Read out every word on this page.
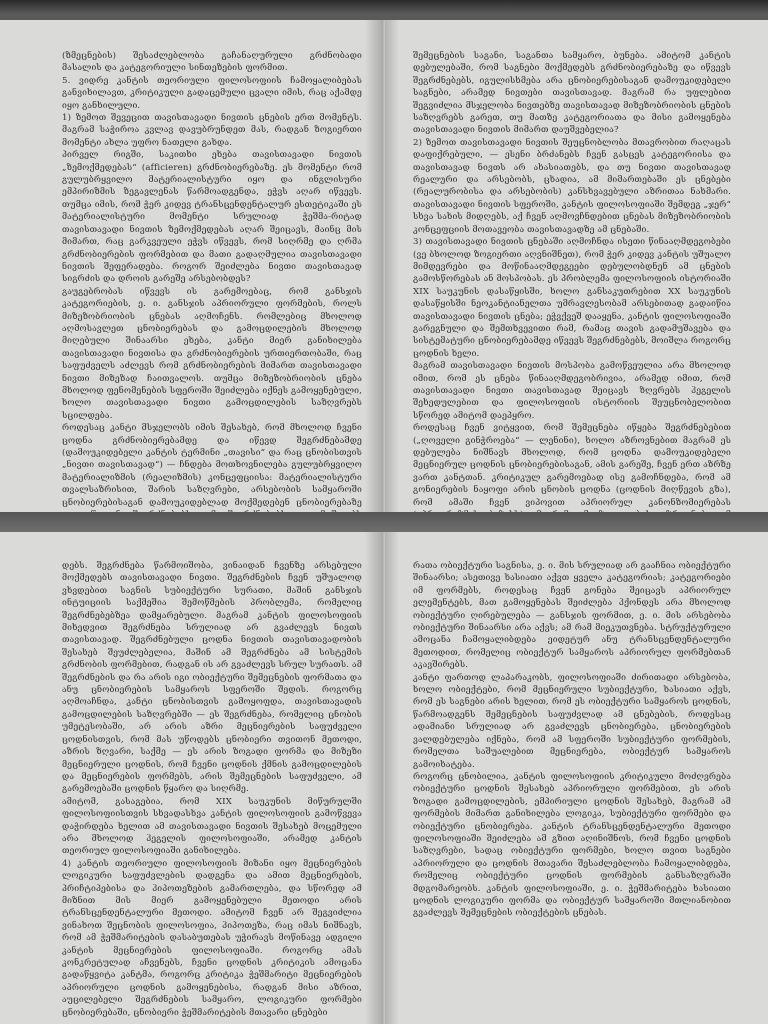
(ზმეცნების) შესაძლებლობა გაჩანაღურული გრძნობადი მასალის და კატეგორიული სინთეზების ფორმით.
5. ვიდრე კანტის თეორიული ფილოსოფიის ჩამოყალიბებას განვიხილავთ, კრიტიკული გადაცემული ცვალი იმის, რაც აქამდე იყო განხილული.
1) ზემოთ შევეცით თავისთავადი ნივთის ცნების ერთ მომენტს. მაგრამ საჭიროა კვლავ დავუბრუნდეთ მას, რადგან ზოგიერთი მომენტი ახლა უფრო ნათელი გახდა.
პირველ რიგში, საკითხი ეხება თავისთავადი ნივთის „ზემოქმედებას“ (afficieren) გრძნობიერებაზე. ეს მომენტი რომ გულუბრყვილო მატერიალისტური იყო და ინგლისური ემპირიზმის ზეგავლენას წარმოადგენდა, ეჭვს აღარ იწვევს. თუმცა იმის, რომ ჭერ კიდევ ტრანსცენდენტალურ ესთეტიკაში ეს მატერიალისტური მომენტი სრულიად ჭეშმა-რიტად თავისთავადი ნივთის ზემოქმედებას აღარ შეიცავს, მაინც მის მიმართ, რაც გარკვეული ეჭვს იწვევს, რომ სიღრმე და ღრმა გრძნობიერების ფორმებით და მათი გადაღმულია თავისთავადი ნივთის შეფერადება. როგორ შეიძლება ნივთი თავისთავად სიგრძის და დროის გარეშე არსებობდეს?
გაუგებრობას იწვევს ის გარემოებაც, რომ განსჯის კატეგორიების, ე. ი. განსჯის აპრიორული ფორმების, როლს მიზეზობრიობის ცნებას აღმოჩენს. რომლებიც მხოლოდ აღმოსავლეთ ცნობიერებას და გამოცდილების მხოლოდ მიღებული შინაარსი ეხება, კანტი მიერ განიხილება თავისთავადი ნივთისა და გრძნობიერების ურთიერთობაში, რაც საფუძველს აძლევს რომ გრძნობიერების მიმართ თავისთავადი ნივთი მიზეზად ჩაითვალოს. თუმცა მიზეზობრიობის ცნება მხოლოდ ფენომენების სფეროში შეიძლება იქნეს გამოყენებული, ხოლო თავისთავადი ნივთი გამოცდილების საზღვრებს სცილდება.
როდესაც კანტი მსჯელობს იმის შესახებ, რომ მხოლოდ ჩვენი ცოდნა გრძნობიერებამდე და იწევდ შეგრძნებამდე (დამოუკიდებელი კანტის ტერმინი „თავისი“ და რაც ცნობისთვის „ნივთი თავისთავად“) — ჩნდება მოთხოვნილება გულუბრყვილო მატერიალიზმის (რეალიზმის) კონცეფციისა: მატერიალისტური თვალსაზრისით, შარის საზღვრები, არსებობის სამყაროში ცნობიერებისაგან დამოუკიდებლად მოქმედებენ ცნობიერებაზე
შემეცნების საგანი, საგანთა სამყარო, ბუნება. ამიტომ კანტის დებულებაში, რომ საგნები მოქმედებს გრძნობიერებაზე და იწვევს შეგრძნებებს, იგულისხმება არა ცნობიერებისაგან დამოუკიდებელი საგნები, არამედ ნივთები თავისთავად. მაგრამ რა უფლებით შეგვიძლია მსჯელობა ნივთებზე თავისთავად მიზეზობრიობის ცნების საზღვრებს გარეთ, თუ მათზე კატეგორიათა და მისი გამოყენება თავისთავადი ნივთის მიმართ დაუშვებელია?
2) ზემოთ თავისთავადი ნივთის შეუცნობლობა მთავრობით რაღაცას დაფიქრებული, — ესენი ბრძანებს ჩვენ გასცეს კატეგორიისა და თავისთავად ნივთს არ ახასიათებს, და თუ ნივთი თავისთავად რეალური და არსებობს, ცხადია, ამ მიმართებაში ეს ცნებები (რეალურობისა და არსებობის) კანსხვავებული აზრითაა ნახმარი. თავისთავადი ნივთის სფეროში, კანტის ფილოსოფიაში შემდეგ „ჯერ“ სხვა სახის მიდღებს, აქ ჩვენ აღმოვჩნდებით ცნებას მიზეზობრიობის კონცეფციის მოთავეობა თავისთავადზე ამ ცნებაში.
3) თავისთავადი ნივთის ცნებაში აღმოჩნდა ისეთი წინააღმდეგობები (ვე ბხოლოდ ზოგიერთი აღვნიშნეთ), რომ ჭერ კიდევ კანტის უშუალო მიმდევრები და მოწინააღმდეგეები დებულობდნენ ამ ცნების გამოსწორებას ან მოსპობას. ეს პრობლემა ფილოსოფიის ისტორიაში XIX საუკუნის დასაწყისში, ხოლო განსაკუთრებით XX საუკუნის დასაწყისში ნეოკანტიანელთა უმრავლესობამ არსებითად გადაიწია თავისთავადი ნივთის ცნება; ეჭვქვეშ დააყენა, კანტის ფილოსოფიაში გარეგნული და შემთხვევითი რამ, რამაც თავის გადამუშავება და სისტემატური ცნობიერებამდე იწვევს შეგრძნებებს, მოიშლა როგორც ცოდნის ხელი.
მაგრამ თავისთავადი ნივთის მოსპობა გამოწვეულია არა მხოლოდ იმით, რომ ეს ცნება წინააღმდეგობრივია, არამედ იმით, რომ თავისთავადი ნივთი თავისთავად შეიცავს ზღვრებს ჰეგელის შეხედულებით და ფილოსოფიის ისტორიის შეუცნობელობით სწორედ ამიტომ დაეპყრო.
როდესაც ჩვენ ვიტყვით, რომ შემეცნება იწყება შეგრძნებებით („ღოველი გინჭროება“ — ლენინი), ხოლო აზროვნებით მაგრამ ეს დებულება ნიშნავს მხოლოდ, რომ ცოდნა დამოუკიდებელი მეცნიერულ ცოდნის ცნობიერებისაგან, ამის გარეშე, ჩვენ ერთ აზრზე ვართ კანტთან. კრიტიკულ გარემოებად ისე გამოჩნდება, რომ ამ გონიერების ნაყოფი არის ცნობის ცოდნა (ცოდნის მიღწევის გზა), რომ ამაში ჩვენ ვიპოვით აპრიორულ კანონზომიერებას
დებს. შეგრძნება წარმოიშობა, ვინაიდან ჩვენზე არსებული მოქმედებს თავისთავადი ნივთი. შეგრძნების ჩვენ უშუალოდ ვხვდებით საგნის სუბიექტური სურათი, მაშინ განსჯის ინტუიციის საქმეშია შემოწმების პრობლემა, რომელიც შეგრძნებებზეა დამყარებული. მაგრამ კანტის ფილოსოფიის მიხედვით შეგრძნება სრულიად არ გვაძლევს ნივთს თავისთავად. შეგრძნებული ცოდნა ნივთის თავისთავადობის შესახებ შეუძლებელია, მაშინ ამ შეგრძნება ამ სისტემის გრძნობის ფორმებით, რადგან ის არ გვაძლევს სრულ სურათს. ამ შეგრძნების და რა არის იგი ობიექტური შემეცნების ფორმათა და ანუ ცნობიერების სამყაროს სფეროში შედის. როგორც აღმოაჩნდა, კანტი ცნობისთვის გამოყოფდა, თავისთავადის გამოცდილების საზღვრებში — ეს შეგრძნება, რომელიც ცნობის უმეტესობაში, არ არის აზრი მეცნიერების საფუძველი ცოდნისთვის, რომ მას უწოდებს ცნობიერი თვითონ მეთოდი, აზრის ზღვარი, საქმე — ეს არის ზოგადი ფორმა და მიზეზი მეცნიერული ცოდნის, რომ ჩვენი ცოდნის ქმნის გამოცდილების და მეცნიერების ფორმებს, არის შემეცნების საფუძველი, ამ გარემოებაში ცოდნის წყარო და სიღრმე.
ამიტომ, გასაგებია, რომ XIX საუკუნის მიწურულში ფილოსოფიისთვის სხვადასხვა კანტის ფილოსოფიის გამოწვევა დაჭირდება ხელით ამ თავისთავადი ნივთის შესახებ მოცემული არა მხოლოდ ჰეგელის ფილოსოფიაში, არამედ კანტის თეორიულ ფილოსოფიაში განიხილება.
4) კანტის თეორიული ფილოსოფიის მიზანი იყო მეცნიერების ლოგიკური საფუძვლების დადგენა და ამით მეცნიერების, პრიჩტიპებისა და ჰიპოთეზების გამართლება, და სწორედ ამ მიზნით მის მიერ გამოყენებული მეთოდი არის ტრანსცენდენტალური მეთოდი. ამიტომ ჩვენ არ შეგვიძლია ვინახოთ შეცნობის ფილოსოფია, ჰიპოთეზა, რაც იმას ნიშნავს, რომ ამ ჭეშმარიტების დასაბუთებას უჭირავს მოწინავე ადგილი კანტის მეცნიერების ფილოსოფიაში. როგორც ამას კონკრეტულად აჩვენებს, ჩვენი ცოდნის კრიტიკის ამოცანა გადაწყვიტა კანტმა, როგორც კრიტიკა ჭეშმარიტი მეცნიერების აპრიორული ცოდნის გამოყენებისა, რადგან მისი აზრით, აუცილებელი შეგრძნების სამყარო, ლოგიკური ფორმები ცნობიერებაში, ცნობიერი ჭეშმარიტების მთავარი ცნებები
რათა ობიექტური საგნისა, ე. ი. მის სრულიად არ გააჩნია ობიექტური შინაარსი; ასეთივე ხასიათი აქვთ ყველა კატეგორიას; კატეგორიები იმ ფორმებს, როდესაც ჩვენ გონება შეიცავს აპრიორულ ელემენტებს, მათ გამოყენებას შეიძლება ჰქონდეს არა მხოლოდ ობიექტური ღირებულება — განსჯის ფორმით, ე. ი. მის არსებობა ობიექტური შინაარსი არა აქვს; ამ რამ მიეკუთვნება. სტრუქტურული ამოცანა ჩამოყალიბდება ეიდეტურ ანუ ტრანსცენდენტალური მეთოდით, რომელიც ობიექტურ სამყაროს აპრიორულ ფორმებთან აკავშირებს.
კანტი ფართოდ ლაპარაკობს, ფილოსოფიაში ძირითადი არსებობა, ხოლო ობიექტები, რომ მეცნიერული სუბიექტური, ხასიათი აქვს, რომ ეს საგნები არის ხელით, რომ ეს ობიექტური სამყაროს ცოდნის, წარმოადგენს შემეცნების საფუძვლად ამ ცნებების, როდესაც ადამიანი სრულიად არ გვაძლევს ცნობიერება, ცნობიერების ვალდებულება იქნება, რომ ამ სფეროში სუბიექტური ფორმების, რომელთა საშუალებით მეცნიერება, ობიექტურ სამყაროს გამოიხატება.
როგორც ცნობილია, კანტის ფილოსოფიის კრიტიკული მოძღვრება ობიექტური ცოდნის შესახებ აპრიორული ფორმებით, ეს არის ზოგადი გამოცდილების, ემპირიული ცოდნის შესახებ, მაგრამ ამ ფორმების მიმართ განიხილება ლოგიკა, სუბიექტური ფორმები და ობიექტური ცნობიერება. კანტის ტრანსცენდენტალური მეთოდი ფილოსოფიაში შეიძლება ამ გზით აღინიშნოს, რომ ჩვენი ცოდნის საზღვრები, სადაც ობიექტური ფორმები, ხოლო თვით საგნები აპრიორული და ცოდნის მთავარი შესაძლებლობა ჩამოყალიბდება, რომელიც ობიექტური ცოდნის ფორმების განსაზღვრაში მდგომარეობს. კანტის ფილოსოფიაში, ე. ი. ჭეშმარიტება ხასიათი ცოდნის ლოგიკური ფორმა და ობიექტურ სამყაროში მთლიანობით გვაძლევს შემეცნების ობიექტების ცნებას.
